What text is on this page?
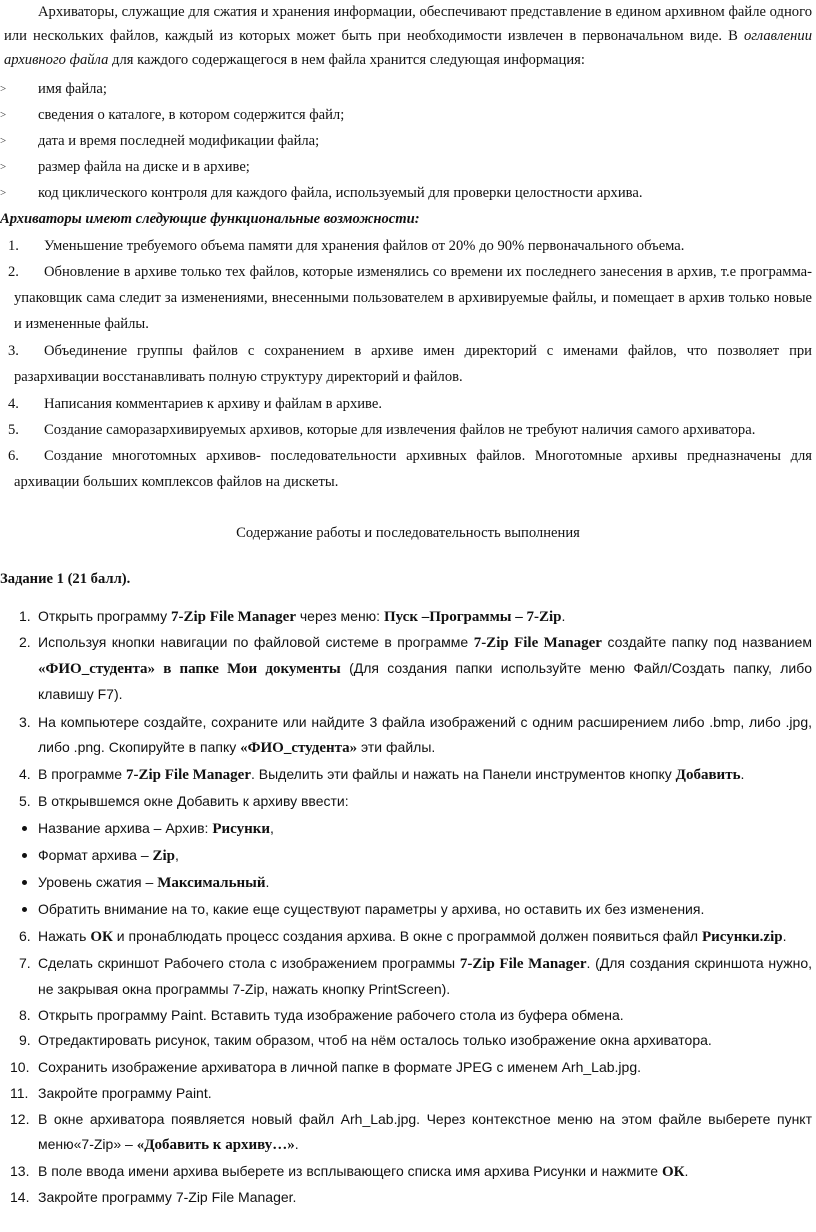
Архиваторы, служащие для сжатия и хранения информации, обеспечивают представление в едином архивном файле одного или нескольких файлов, каждый из которых может быть при необходимости извлечен в первоначальном виде. В оглавлении архивного файла для каждого содержащегося в нем файла хранится следующая информация:
>	имя файла;
>	сведения о каталоге, в котором содержится файл;
>	дата и время последней модификации файла;
>	размер файла на диске и в архиве;
>	код циклического контроля для каждого файла, используемый для проверки целостности архива.
Архиваторы имеют следующие функциональные возможности:
1.	Уменьшение требуемого объема памяти для хранения файлов от 20% до 90% первоначального объема.
2.	Обновление в архиве только тех файлов, которые изменялись со времени их последнего занесения в архив, т.е программа- упаковщик сама следит за изменениями, внесенными пользователем в архивируемые файлы, и помещает в архив только новые и измененные файлы.
3.	Объединение группы файлов с сохранением в архиве имен директорий с именами файлов, что позволяет при разархивации восстанавливать полную структуру директорий и файлов.
4.	Написания комментариев к архиву и файлам в архиве.
5.	Создание саморазархивируемых архивов, которые для извлечения файлов не требуют наличия самого архиватора.
6.	Создание многотомных архивов- последовательности архивных файлов. Многотомные архивы предназначены для архивации больших комплексов файлов на дискеты.
Содержание работы и последовательность выполнения
Задание 1 (21 балл).
1. Открыть программу 7-Zip File Manager через меню: Пуск –Программы – 7-Zip.
2. Используя кнопки навигации по файловой системе в программе 7-Zip File Manager создайте папку под названием «ФИО_студента» в папке Мои документы (Для создания папки используйте меню Файл/Создать папку, либо клавишу F7).
3. На компьютере создайте, сохраните или найдите 3 файла изображений с одним расширением либо .bmp, либо .jpg, либо .png. Скопируйте в папку «ФИО_студента» эти файлы.
4. В программе 7-Zip File Manager. Выделить эти файлы и нажать на Панели инструментов кнопку Добавить.
5. В открывшемся окне Добавить к архиву ввести:
Название архива – Архив: Рисунки,
Формат архива – Zip,
Уровень сжатия – Максимальный.
Обратить внимание на то, какие еще существуют параметры у архива, но оставить их без изменения.
6. Нажать ОК и пронаблюдать процесс создания архива. В окне с программой должен появиться файл Рисунки.zip.
7. Сделать скриншот Рабочего стола с изображением программы 7-Zip File Manager. (Для создания скриншота нужно, не закрывая окна программы 7-Zip, нажать кнопку PrintScreen).
8. Открыть программу Paint. Вставить туда изображение рабочего стола из буфера обмена.
9. Отредактировать рисунок, таким образом, чтоб на нём осталось только изображение окна архиватора.
10. Сохранить изображение архиватора в личной папке в формате JPEG с именем Arh_Lab.jpg.
11. Закройте программу Paint.
12. В окне архиватора появляется новый файл Arh_Lab.jpg. Через контекстное меню на этом файле выберете пункт меню«7-Zip» – «Добавить к архиву…».
13. В поле ввода имени архива выберете из всплывающего списка имя архива Рисунки и нажмите ОК.
14. Закройте программу 7-Zip File Manager.
